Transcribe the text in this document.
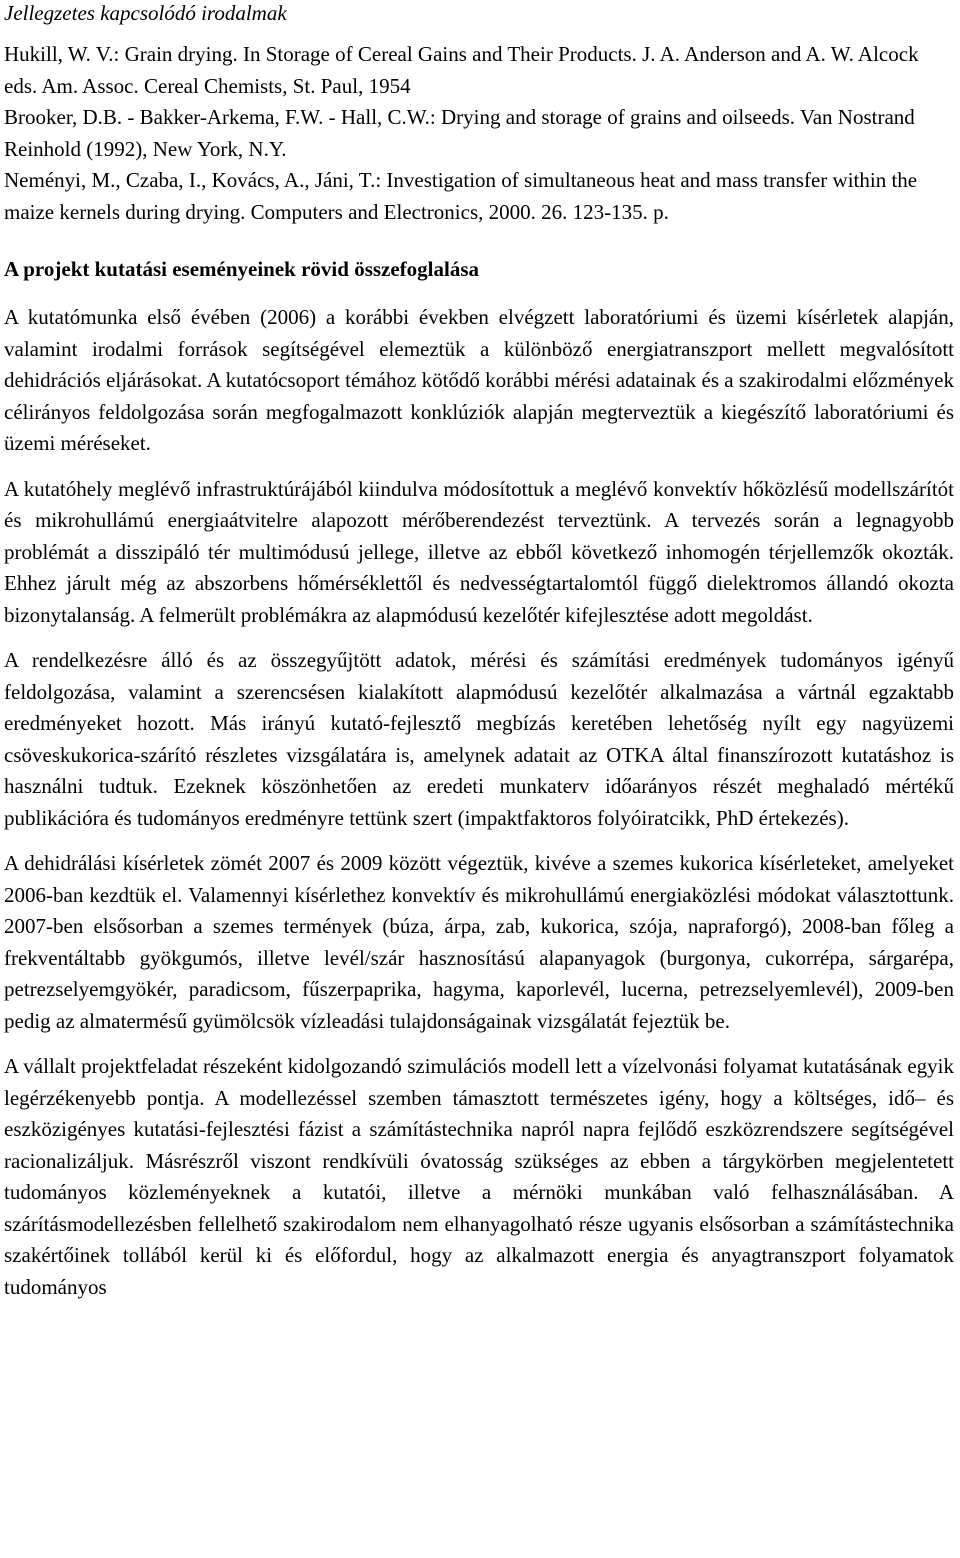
Jellegzetes kapcsolódó irodalmak

Hukill, W. V.: Grain drying. In Storage of Cereal Gains and Their Products. J. A. Anderson and A. W. Alcock eds. Am. Assoc. Cereal Chemists, St. Paul, 1954

Brooker, D.B. - Bakker-Arkema, F.W. - Hall, C.W.: Drying and storage of grains and oilseeds. Van Nostrand Reinhold (1992), New York, N.Y.

Neményi, M., Czaba, I., Kovács, A., Jáni, T.: Investigation of simultaneous heat and mass transfer within the maize kernels during drying. Computers and Electronics, 2000. 26. 123-135. p.

A projekt kutatási eseményeinek rövid összefoglalása

A kutatómunka első évében (2006) a korábbi években elvégzett laboratóriumi és üzemi kísérletek alapján, valamint irodalmi források segítségével elemeztük a különböző energiatranszport mellett megvalósított dehidrációs eljárásokat. A kutatócsoport témához kötődő korábbi mérési adatainak és a szakirodalmi előzmények célirányos feldolgozása során megfogalmazott konklúziók alapján megterveztük a kiegészítő laboratóriumi és üzemi méréseket.

A kutatóhely meglévő infrastruktúrájából kiindulva módosítottuk a meglévő konvektív hőközlésű modellszárítót és mikrohullámú energiaátvitelre alapozott mérőberendezést terveztünk. A tervezés során a legnagyobb problémát a disszipáló tér multimódusú jellege, illetve az ebből következő inhomogén térjellemzők okozták. Ehhez járult még az abszorbens hőmérséklettől és nedvességtartalomtól függő dielektromos állandó okozta bizonytalanság. A felmerült problémákra az alapmódusú kezelőtér kifejlesztése adott megoldást.

A rendelkezésre álló és az összegyűjtött adatok, mérési és számítási eredmények tudományos igényű feldolgozása, valamint a szerencsésen kialakított alapmódusú kezelőtér alkalmazása a vártnál egzaktabb eredményeket hozott. Más irányú kutató-fejlesztő megbízás keretében lehetőség nyílt egy nagyüzemi csöveskukorica-szárító részletes vizsgálatára is, amelynek adatait az OTKA által finanszírozott kutatáshoz is használni tudtuk. Ezeknek köszönhetően az eredeti munkaterv időarányos részét meghaladó mértékű publikációra és tudományos eredményre tettünk szert (impaktfaktoros folyóiratcikk, PhD értekezés).

A dehidrálási kísérletek zömét 2007 és 2009 között végeztük, kivéve a szemes kukorica kísérleteket, amelyeket 2006-ban kezdtük el. Valamennyi kísérlethez konvektív és mikrohullámú energiaközlési módokat választottunk. 2007-ben elsősorban a szemes termények (búza, árpa, zab, kukorica, szója, napraforgó), 2008-ban főleg a frekventáltabb gyökgumós, illetve levél/szár hasznosítású alapanyagok (burgonya, cukorrépa, sárgarépa, petrezselyemgyökér, paradicsom, fűszerpaprika, hagyma, kaporlevél, lucerna, petrezselyemlevél), 2009-ben pedig az almatermésű gyümölcsök vízleadási tulajdonságainak vizsgálatát fejeztük be.

A vállalt projektfeladat részeként kidolgozandó szimulációs modell lett a vízelvonási folyamat kutatásának egyik legérzékenyebb pontja. A modellezéssel szemben támasztott természetes igény, hogy a költséges, idő– és eszközigényes kutatási-fejlesztési fázist a számítástechnika napról napra fejlődő eszközrendszere segítségével racionalizáljuk. Másrészről viszont rendkívüli óvatosság szükséges az ebben a tárgykörben megjelentetett tudományos közleményeknek a kutatói, illetve a mérnöki munkában való felhasználásában. A szárításmodellezésben fellelhető szakirodalom nem elhanyagolható része ugyanis elsősorban a számítástechnika szakértőinek tollából kerül ki és előfordul, hogy az alkalmazott energia és anyagtranszport folyamatok tudományos
